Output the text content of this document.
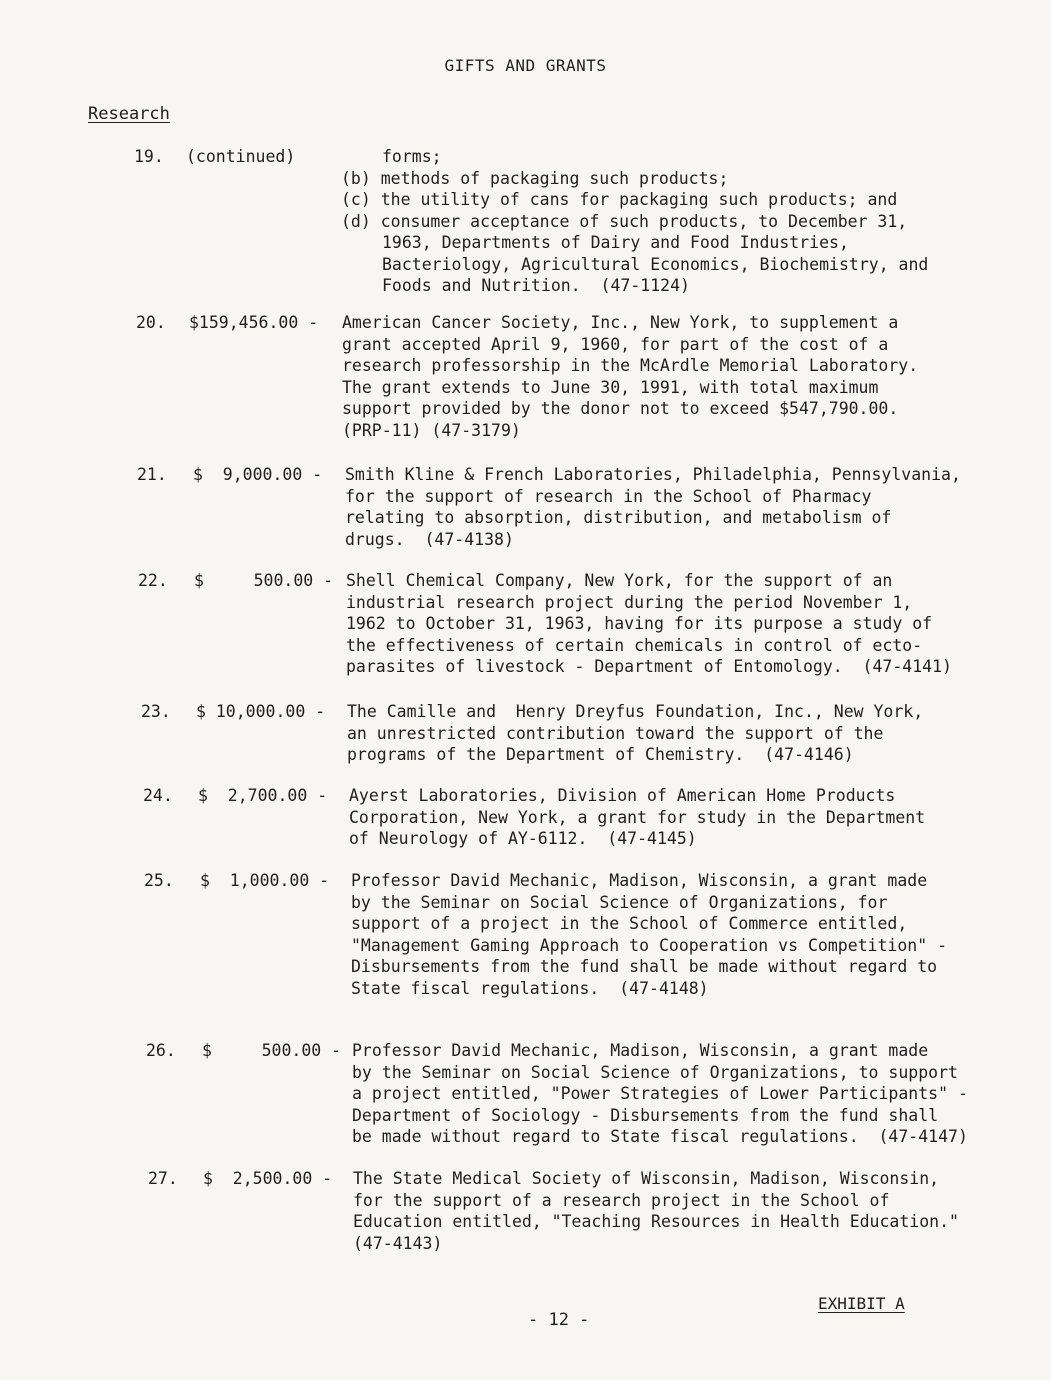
GIFTS AND GRANTS
Research
19. (continued)	forms;
(b) methods of packaging such products;
(c) the utility of cans for packaging such products; and
(d) consumer acceptance of such products, to December 31,
1963, Departments of Dairy and Food Industries,
Bacteriology, Agricultural Economics, Biochemistry, and
Foods and Nutrition.  (47-1124)
20. $159,456.00 - American Cancer Society, Inc., New York, to supplement a
grant accepted April 9, 1960, for part of the cost of a
research professorship in the McArdle Memorial Laboratory.
The grant extends to June 30, 1991, with total maximum
support provided by the donor not to exceed $547,790.00.
(PRP-11) (47-3179)
21. $  9,000.00 - Smith Kline & French Laboratories, Philadelphia, Pennsylvania,
for the support of research in the School of Pharmacy
relating to absorption, distribution, and metabolism of
drugs.  (47-4138)
22. $     500.00 - Shell Chemical Company, New York, for the support of an
industrial research project during the period November 1,
1962 to October 31, 1963, having for its purpose a study of
the effectiveness of certain chemicals in control of ecto-
parasites of livestock - Department of Entomology.  (47-4141)
23. $ 10,000.00 - The Camille and  Henry Dreyfus Foundation, Inc., New York,
an unrestricted contribution toward the support of the
programs of the Department of Chemistry.  (47-4146)
24. $  2,700.00 - Ayerst Laboratories, Division of American Home Products
Corporation, New York, a grant for study in the Department
of Neurology of AY-6112.  (47-4145)
25. $  1,000.00 - Professor David Mechanic, Madison, Wisconsin, a grant made
by the Seminar on Social Science of Organizations, for
support of a project in the School of Commerce entitled,
"Management Gaming Approach to Cooperation vs Competition" -
Disbursements from the fund shall be made without regard to
State fiscal regulations.  (47-4148)
26. $     500.00 - Professor David Mechanic, Madison, Wisconsin, a grant made
by the Seminar on Social Science of Organizations, to support
a project entitled, "Power Strategies of Lower Participants" -
Department of Sociology - Disbursements from the fund shall
be made without regard to State fiscal regulations.  (47-4147)
27. $  2,500.00 - The State Medical Society of Wisconsin, Madison, Wisconsin,
for the support of a research project in the School of
Education entitled, "Teaching Resources in Health Education."
(47-4143)
EXHIBIT A
- 12 -
